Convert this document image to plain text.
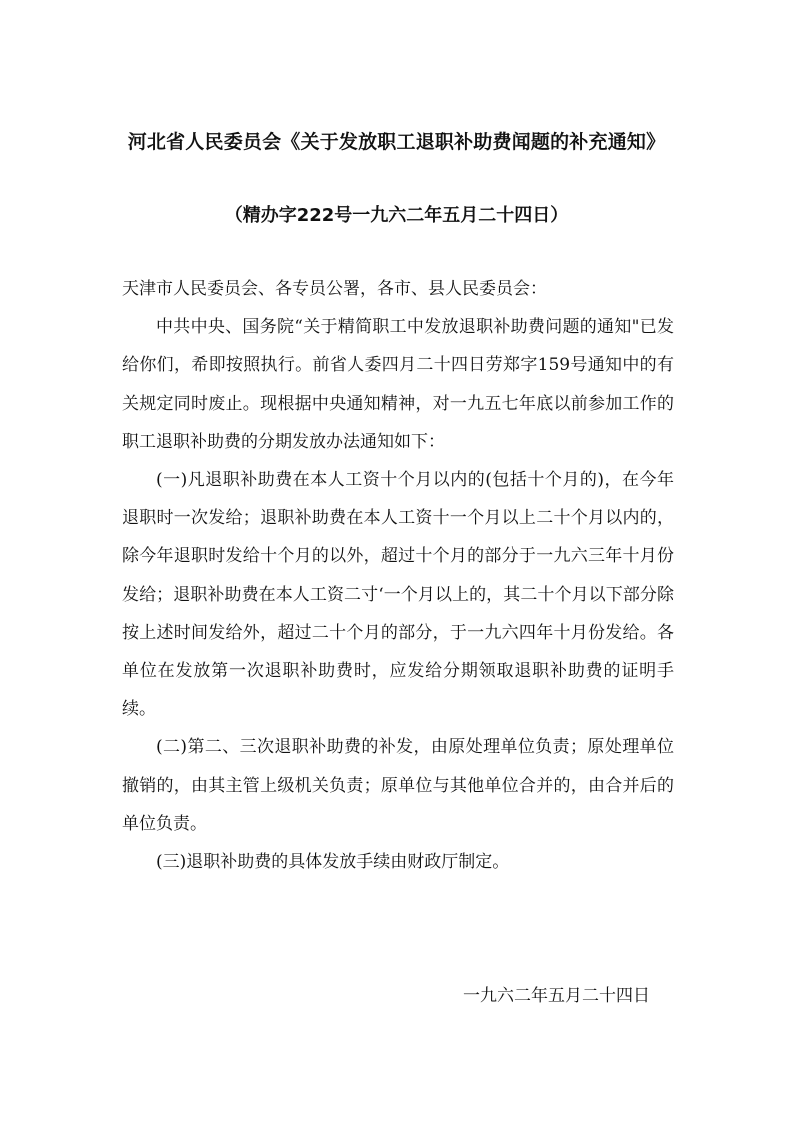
河北省人民委员会《关于发放职工退职补助费闻题的补充通知》
（精办字222号一九六二年五月二十四日）

天津市人民委员会、各专员公署，各市、县人民委员会：

中共中央、国务院“关于精简职工中发放退职补助费问题的通知"已发给你们，希即按照执行。前省人委四月二十四日劳郑字159号通知中的有关规定同时废止。现根据中央通知精神，对一九五七年底以前参加工作的职工退职补助费的分期发放办法通知如下：

(一)凡退职补助费在本人工资十个月以内的(包括十个月的)，在今年退职时一次发给；退职补助费在本人工资十一个月以上二十个月以内的，除今年退职时发给十个月的以外，超过十个月的部分于一九六三年十月份发给；退职补助费在本人工资二寸‘一个月以上的，其二十个月以下部分除按上述时间发给外，超过二十个月的部分，于一九六四年十月份发给。各单位在发放第一次退职补助费时，应发给分期领取退职补助费的证明手续。

(二)第二、三次退职补助费的补发，由原处理单位负责；原处理单位撤销的，由其主管上级机关负责；原单位与其他单位合并的，由合并后的单位负责。

(三)退职补助费的具体发放手续由财政厅制定。

一九六二年五月二十四日
